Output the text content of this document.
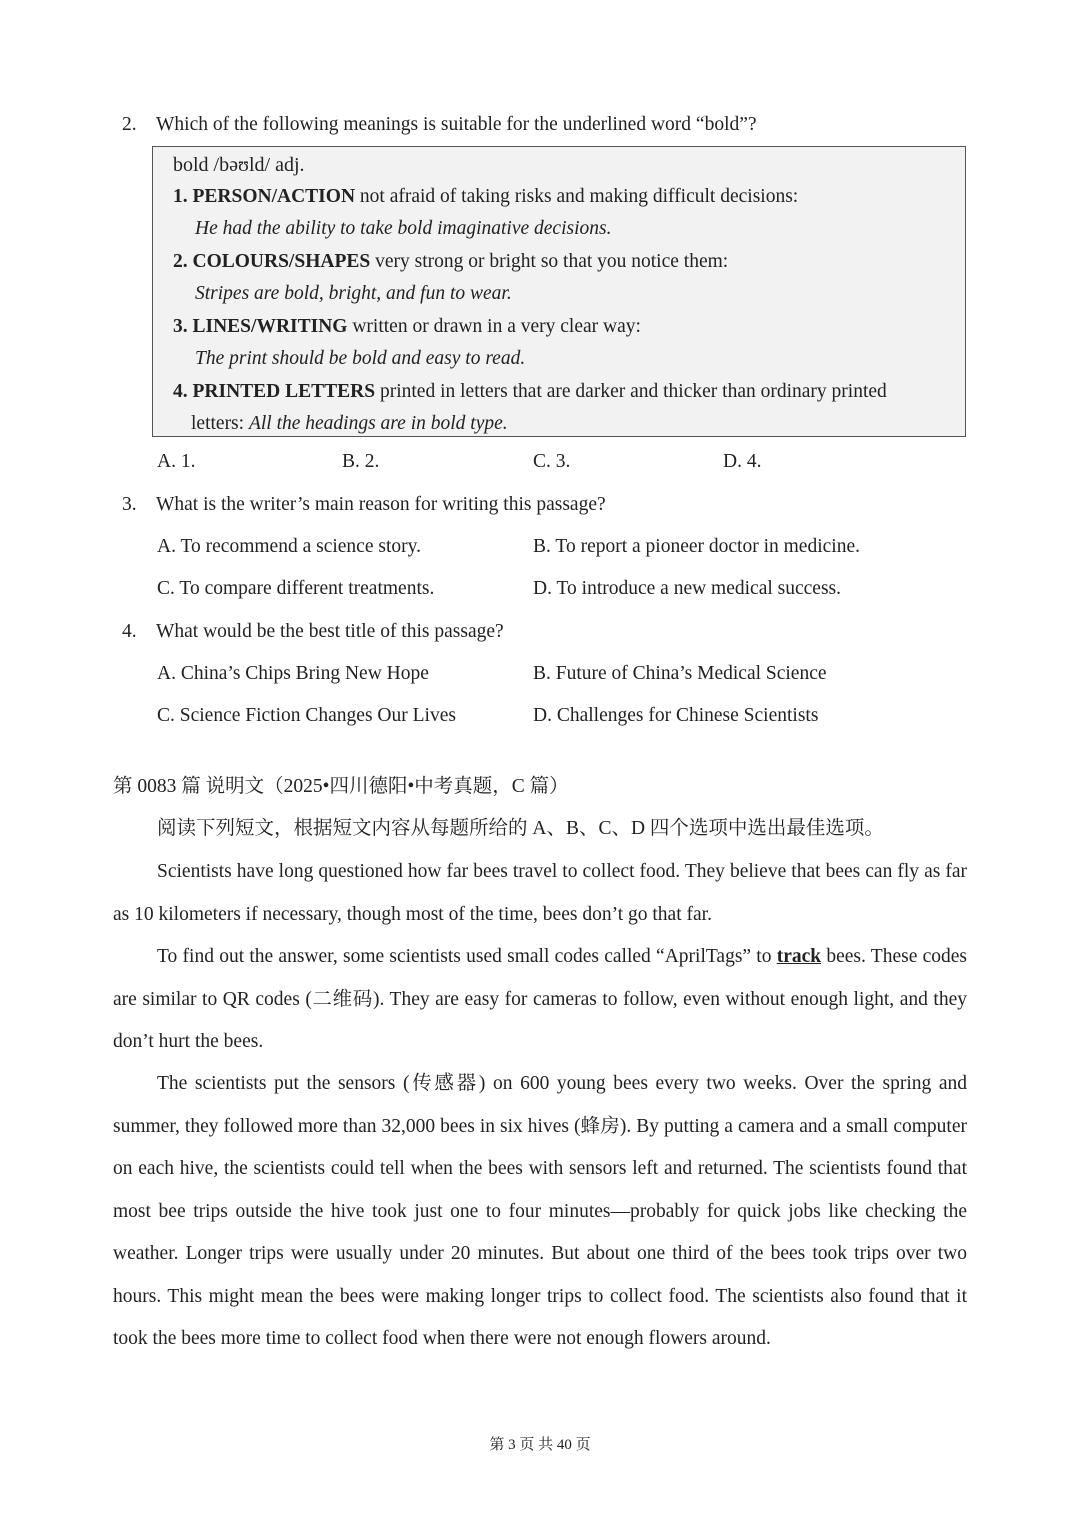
2. Which of the following meanings is suitable for the underlined word “bold”?
bold /bəʊld/ adj.
1. PERSON/ACTION not afraid of taking risks and making difficult decisions:
He had the ability to take bold imaginative decisions.
2. COLOURS/SHAPES very strong or bright so that you notice them:
Stripes are bold, bright, and fun to wear.
3. LINES/WRITING written or drawn in a very clear way:
The print should be bold and easy to read.
4. PRINTED LETTERS printed in letters that are darker and thicker than ordinary printed
letters: All the headings are in bold type.
A. 1.	B. 2.	C. 3.	D. 4.
3. What is the writer’s main reason for writing this passage?
A. To recommend a science story.	B. To report a pioneer doctor in medicine.
C. To compare different treatments.	D. To introduce a new medical success.
4. What would be the best title of this passage?
A. China’s Chips Bring New Hope	B. Future of China’s Medical Science
C. Science Fiction Changes Our Lives	D. Challenges for Chinese Scientists
第 0083 篇 说明文（2025•四川德阳•中考真题，C 篇）
阅读下列短文，根据短文内容从每题所给的 A、B、C、D 四个选项中选出最佳选项。
Scientists have long questioned how far bees travel to collect food. They believe that bees can fly as far as 10 kilometers if necessary, though most of the time, bees don’t go that far.
To find out the answer, some scientists used small codes called “AprilTags” to track bees. These codes are similar to QR codes (二维码). They are easy for cameras to follow, even without enough light, and they don’t hurt the bees.
The scientists put the sensors (传感器) on 600 young bees every two weeks. Over the spring and summer, they followed more than 32,000 bees in six hives (蜂房). By putting a camera and a small computer on each hive, the scientists could tell when the bees with sensors left and returned. The scientists found that most bee trips outside the hive took just one to four minutes—probably for quick jobs like checking the weather. Longer trips were usually under 20 minutes. But about one third of the bees took trips over two hours. This might mean the bees were making longer trips to collect food. The scientists also found that it took the bees more time to collect food when there were not enough flowers around.
第 3 页 共 40 页
